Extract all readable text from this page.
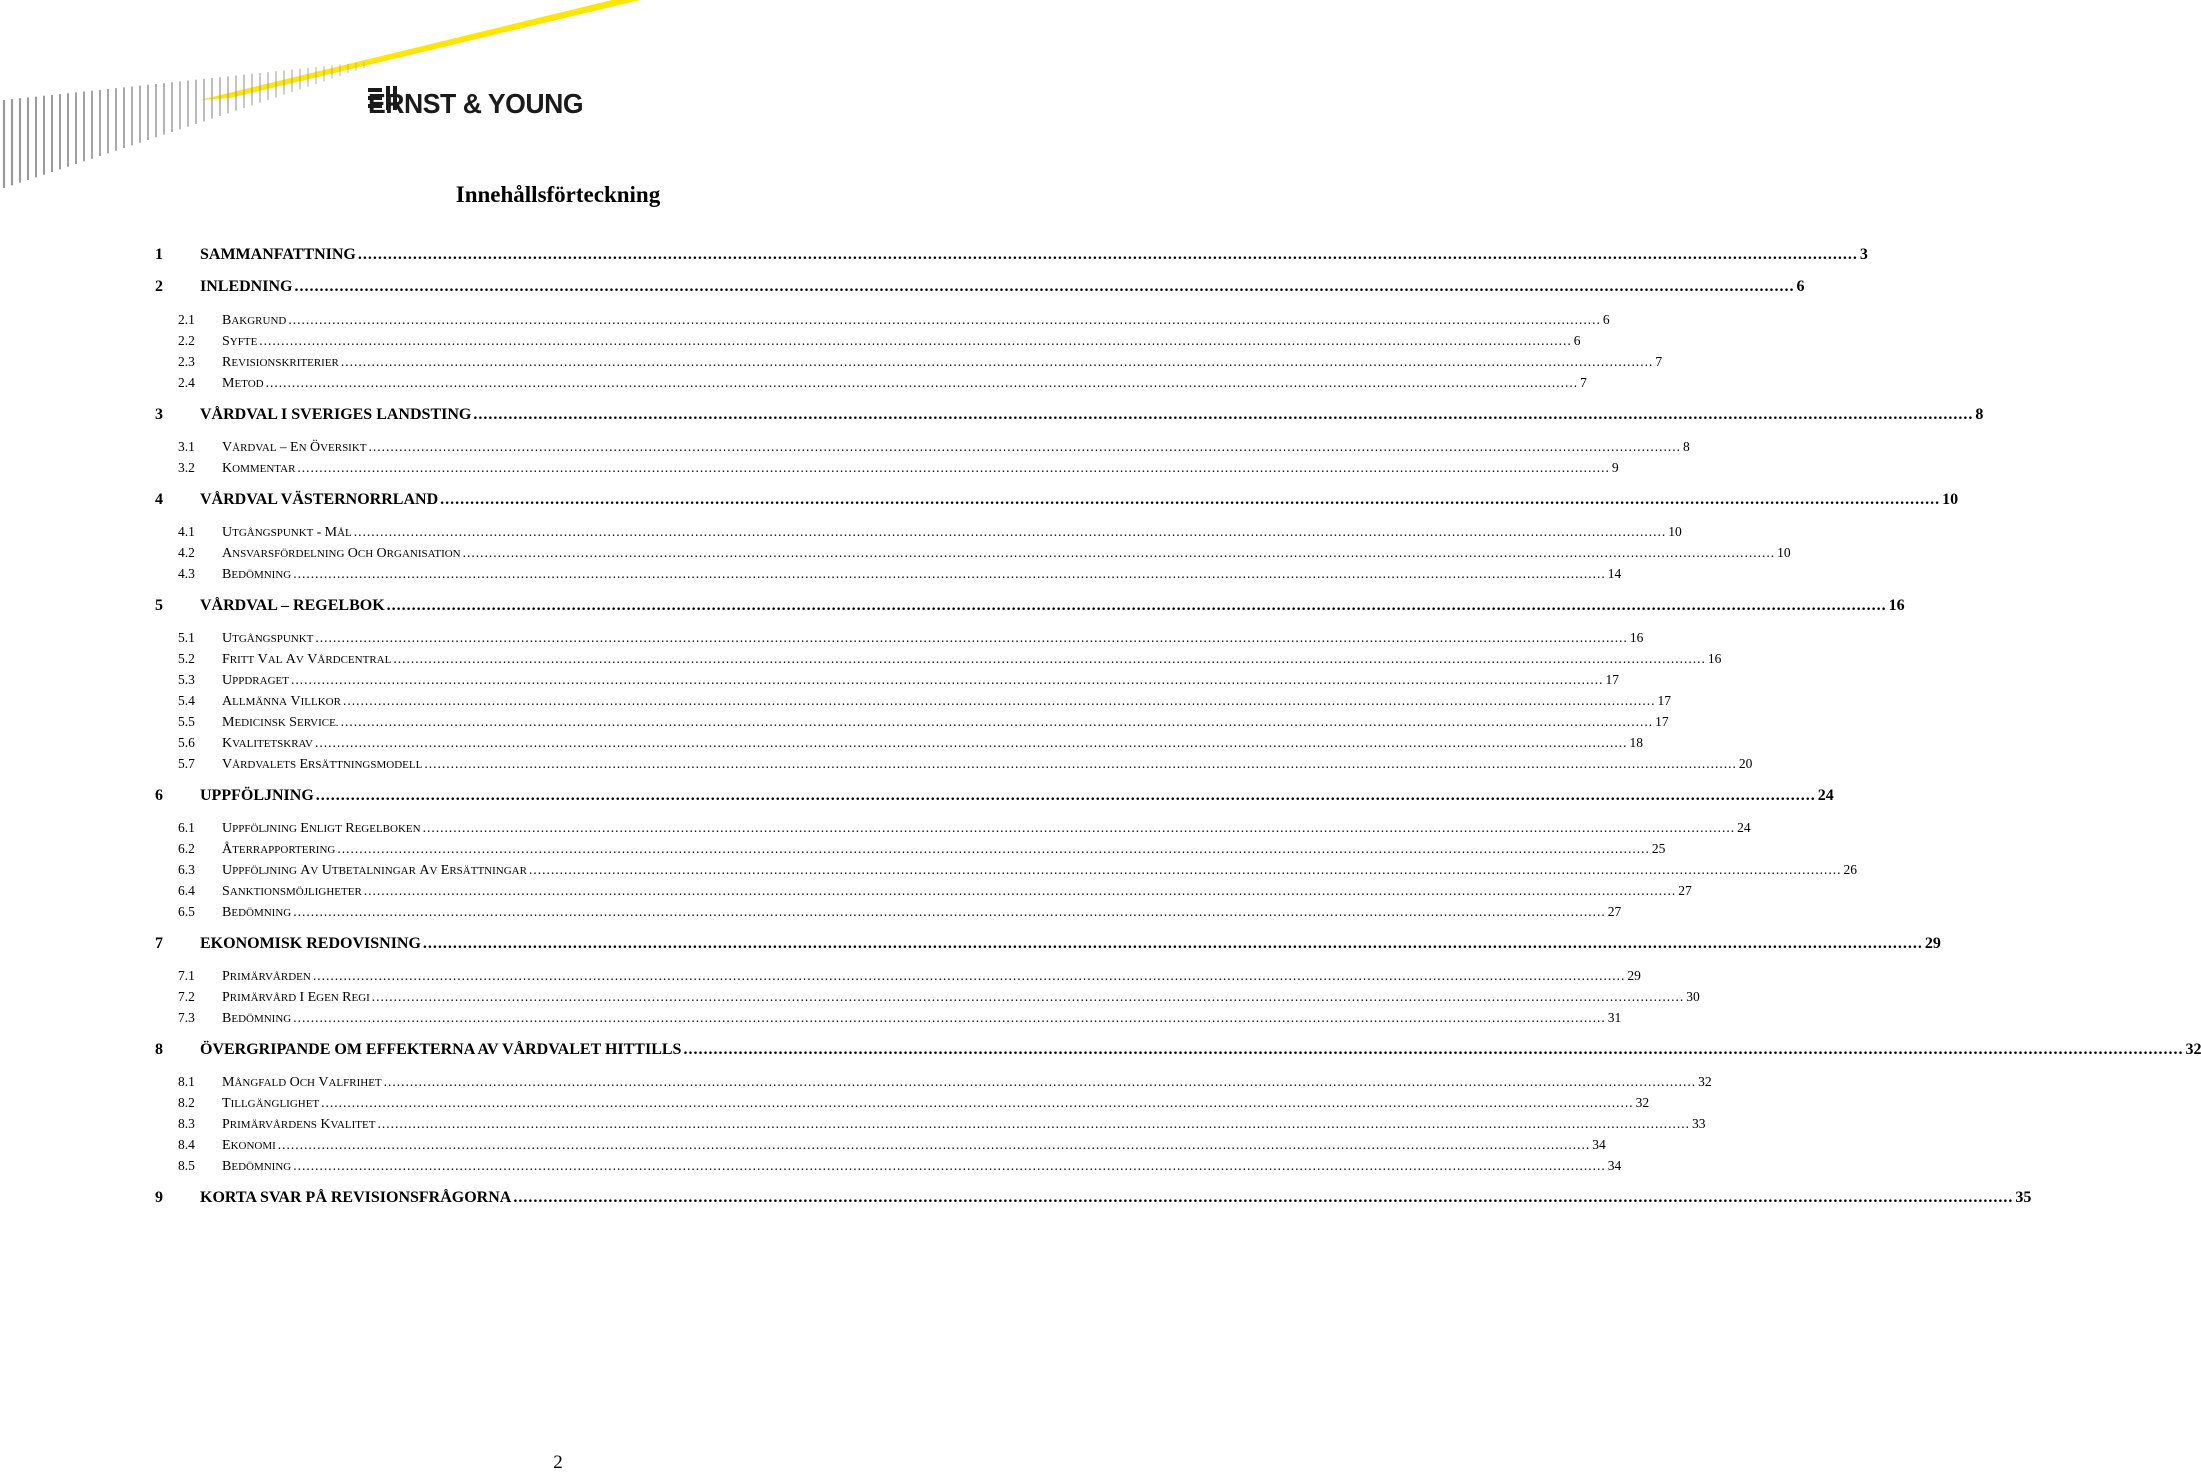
ERNST & YOUNG
Innehållsförteckning
1 SAMMANFATTNING ............................................................................................................................................................................................................................................................................................................ 3
2 INLEDNING ............................................................................................................................................................................................................................................................................................................ 6
2.1 BAKGRUND ............................................................................................................................................................................................................................................................................................................ 6
2.2 SYFTE ............................................................................................................................................................................................................................................................................................................ 6
2.3 REVISIONSKRITERIER ............................................................................................................................................................................................................................................................................................................ 7
2.4 METOD ............................................................................................................................................................................................................................................................................................................ 7
3 VÅRDVAL I SVERIGES LANDSTING ............................................................................................................................................................................................................................................................................................................ 8
3.1 VÅRDVAL – EN ÖVERSIKT ............................................................................................................................................................................................................................................................................................................ 8
3.2 KOMMENTAR ............................................................................................................................................................................................................................................................................................................ 9
4 VÅRDVAL VÄSTERNORRLAND ............................................................................................................................................................................................................................................................................................................ 10
4.1 UTGÅNGSPUNKT - MÅL ............................................................................................................................................................................................................................................................................................................ 10
4.2 ANSVARSFÖRDELNING OCH ORGANISATION ............................................................................................................................................................................................................................................................................................................ 10
4.3 BEDÖMNING ............................................................................................................................................................................................................................................................................................................ 14
5 VÅRDVAL – REGELBOK ............................................................................................................................................................................................................................................................................................................ 16
5.1 UTGÅNGSPUNKT ............................................................................................................................................................................................................................................................................................................ 16
5.2 FRITT VAL AV VÅRDCENTRAL ............................................................................................................................................................................................................................................................................................................ 16
5.3 UPPDRAGET ............................................................................................................................................................................................................................................................................................................ 17
5.4 ALLMÄNNA VILLKOR ............................................................................................................................................................................................................................................................................................................ 17
5.5 MEDICINSK SERVICE. ............................................................................................................................................................................................................................................................................................................ 17
5.6 KVALITETSKRAV ............................................................................................................................................................................................................................................................................................................ 18
5.7 VÅRDVALETS ERSÄTTNINGSMODELL ............................................................................................................................................................................................................................................................................................................ 20
6 UPPFÖLJNING ............................................................................................................................................................................................................................................................................................................ 24
6.1 UPPFÖLJNING ENLIGT REGELBOKEN ............................................................................................................................................................................................................................................................................................................ 24
6.2 ÅTERRAPPORTERING ............................................................................................................................................................................................................................................................................................................ 25
6.3 UPPFÖLJNING AV UTBETALNINGAR AV ERSÄTTNINGAR ............................................................................................................................................................................................................................................................................................................ 26
6.4 SANKTIONSMÖJLIGHETER ............................................................................................................................................................................................................................................................................................................ 27
6.5 BEDÖMNING ............................................................................................................................................................................................................................................................................................................ 27
7 EKONOMISK REDOVISNING ............................................................................................................................................................................................................................................................................................................ 29
7.1 PRIMÄRVÅRDEN ............................................................................................................................................................................................................................................................................................................ 29
7.2 PRIMÄRVÅRD I EGEN REGI ............................................................................................................................................................................................................................................................................................................ 30
7.3 BEDÖMNING ............................................................................................................................................................................................................................................................................................................ 31
8 ÖVERGRIPANDE OM EFFEKTERNA AV VÅRDVALET HITTILLS ............................................................................................................................................................................................................................................................................................................ 32
8.1 MÅNGFALD OCH VALFRIHET ............................................................................................................................................................................................................................................................................................................ 32
8.2 TILLGÄNGLIGHET ............................................................................................................................................................................................................................................................................................................ 32
8.3 PRIMÄRVÅRDENS KVALITET ............................................................................................................................................................................................................................................................................................................ 33
8.4 EKONOMI ............................................................................................................................................................................................................................................................................................................ 34
8.5 BEDÖMNING ............................................................................................................................................................................................................................................................................................................ 34
9 KORTA SVAR PÅ REVISIONSFRÅGORNA ............................................................................................................................................................................................................................................................................................................ 35
2
